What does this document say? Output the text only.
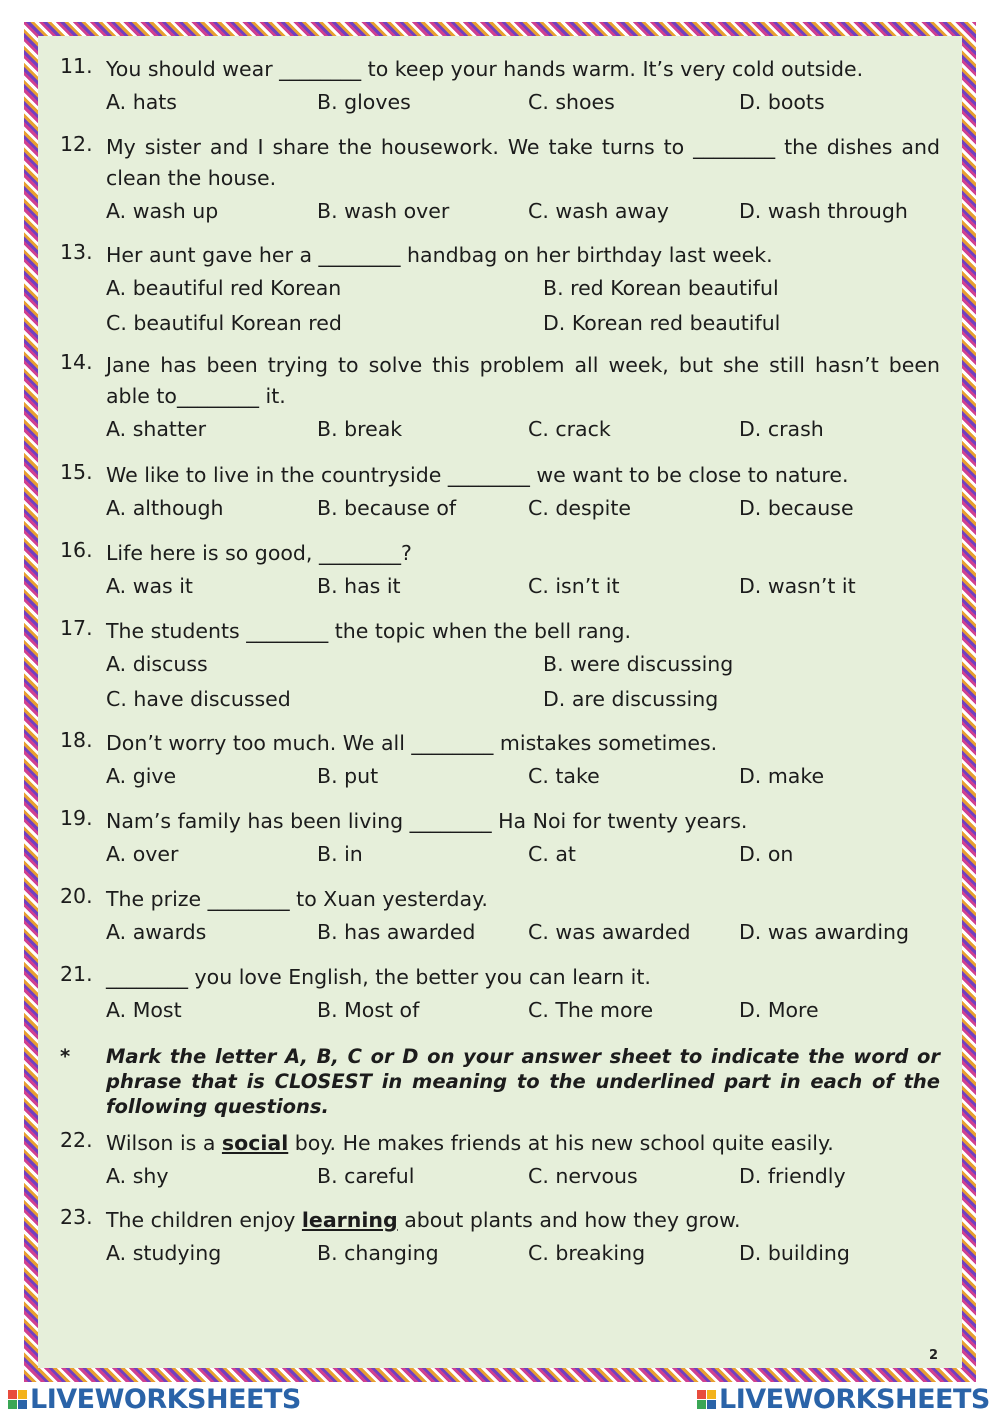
11. You should wear ________ to keep your hands warm. It’s very cold outside.
A. hats	B. gloves	C. shoes	D. boots
12. My sister and I share the housework. We take turns to ________ the dishes and clean the house.
A. wash up	B. wash over	C. wash away	D. wash through
13. Her aunt gave her a ________ handbag on her birthday last week.
A. beautiful red Korean	B. red Korean beautiful
C. beautiful Korean red	D. Korean red beautiful
14. Jane has been trying to solve this problem all week, but she still hasn’t been able to________ it.
A. shatter	B. break	C. crack	D. crash
15. We like to live in the countryside ________ we want to be close to nature.
A. although	B. because of	C. despite	D. because
16. Life here is so good, ________?
A. was it	B. has it	C. isn’t it	D. wasn’t it
17. The students ________ the topic when the bell rang.
A. discuss	B. were discussing
C. have discussed	D. are discussing
18. Don’t worry too much. We all ________ mistakes sometimes.
A. give	B. put	C. take	D. make
19. Nam’s family has been living ________ Ha Noi for twenty years.
A. over	B. in	C. at	D. on
20. The prize ________ to Xuan yesterday.
A. awards	B. has awarded	C. was awarded	D. was awarding
21. ________ you love English, the better you can learn it.
A. Most	B. Most of	C. The more	D. More
*	Mark the letter A, B, C or D on your answer sheet to indicate the word or phrase that is CLOSEST in meaning to the underlined part in each of the following questions.
22. Wilson is a social boy. He makes friends at his new school quite easily.
A. shy	B. careful	C. nervous	D. friendly
23. The children enjoy learning about plants and how they grow.
A. studying	B. changing	C. breaking	D. building
2
LIVEWORKSHEETS	LIVEWORKSHEETS
